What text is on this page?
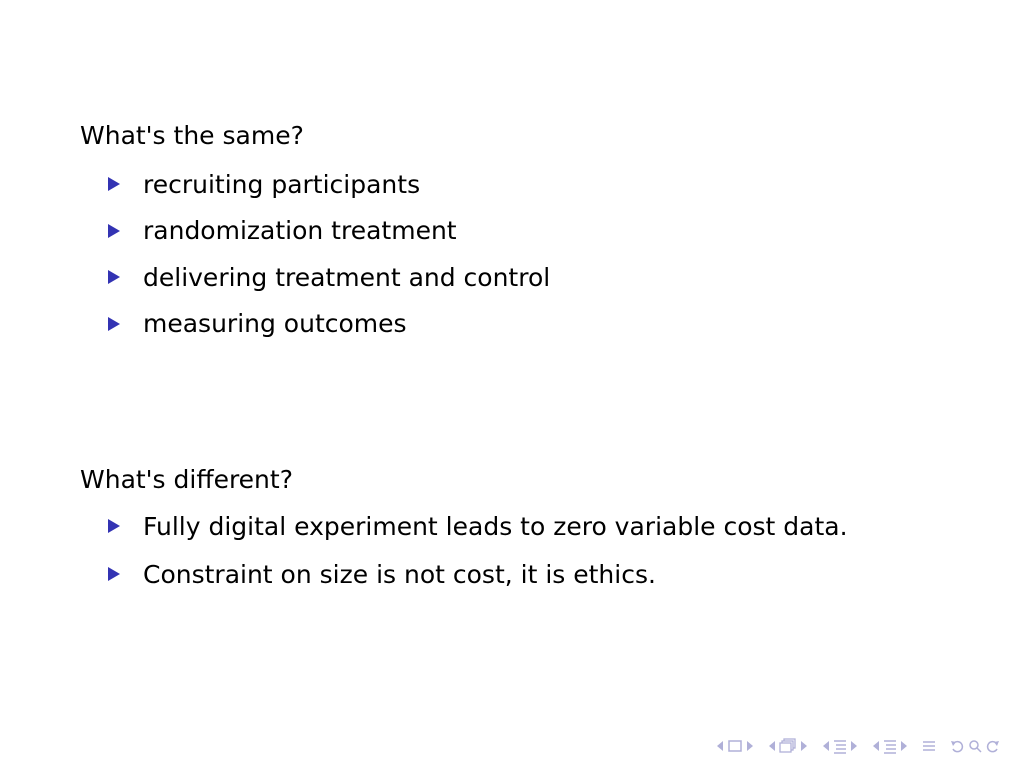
What's the same?
recruiting participants
randomization treatment
delivering treatment and control
measuring outcomes
What's different?
Fully digital experiment leads to zero variable cost data.
Constraint on size is not cost, it is ethics.
